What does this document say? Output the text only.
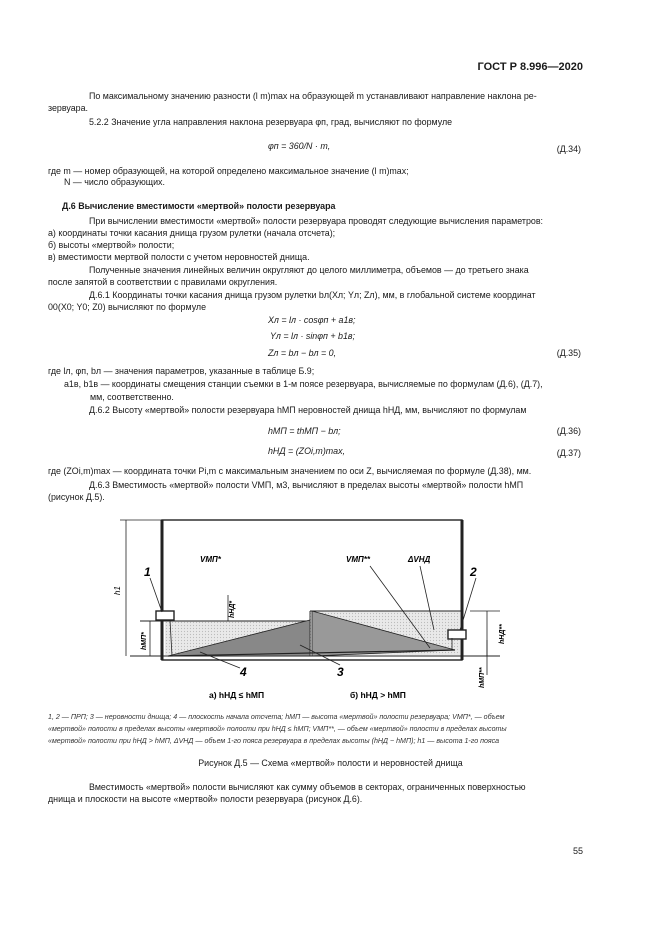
ГОСТ Р 8.996—2020

По максимальному значению разности (l m)max на образующей m устанавливают направление наклона ре-

зервуара.

5.2.2 Значение угла направления наклона резервуара φп, град, вычисляют по формуле

φп = 360/N · m,	(Д.34)

где m — номер образующей, на которой определено максимальное значение (l m)max;

N — число образующих.

Д.6 Вычисление вместимости «мертвой» полости резервуара

При вычислении вместимости «мертвой» полости резервуара проводят следующие вычисления параметров:

а) координаты точки касания днища грузом рулетки (начала отсчета);

б) высоты «мертвой» полости;

в) вместимости мертвой полости с учетом неровностей днища.

Полученные значения линейных величин округляют до целого миллиметра, объемов — до третьего знака

после запятой в соответствии с правилами округления.

Д.6.1 Координаты точки касания днища грузом рулетки bл(Xл; Yл; Zл), мм, в глобальной системе координат

00(X0; Y0; Z0) вычисляют по формуле

Xл = lл · cosφп + a1в;
Yл = lл · sinφп + b1в;
Zл = bл − bл = 0,	(Д.35)

где lл, φп, bл — значения параметров, указанные в таблице Б.9;

a1в, b1в — координаты смещения станции съемки в 1-м поясе резервуара, вычисляемые по формулам (Д.6), (Д.7),

мм, соответственно.

Д.6.2 Высоту «мертвой» полости резервуара hМП неровностей днища hНД, мм, вычисляют по формулам

hМП = thМП − bл;	(Д.36)
hНД = (ZОi,m)max,	(Д.37)

где (ZОi,m)max — координата точки Pi,m с максимальным значением по оси Z, вычисляемая по формуле (Д.38), мм.

Д.6.3 Вместимость «мертвой» полости VМП, м3, вычисляют в пределах высоты «мертвой» полости hМП

(рисунок Д.5).

1	2
3
4
VМП*	VМП**	ΔVНД
h1
hМП*
hНД*
hНД**
hМП**
а) hНД ≤ hМП	б) hНД > hМП
1, 2 — ПРП; 3 — неровности днища; 4 — плоскость начала отсчета; hМП — высота «мертвой» полости резервуара; VМП*, — объем
«мертвой» полости в пределах высоты «мертвой» полости при hНД ≤ hМП; VМП**, — объем «мертвой» полости в пределах высоты
«мертвой» полости при hНД > hМП, ΔVНД — объем 1-го пояса резервуара в пределах высоты (hНД − hМП); h1 — высота 1-го пояса
Рисунок Д.5 — Схема «мертвой» полости и неровностей днища

Вместимость «мертвой» полости вычисляют как сумму объемов в секторах, ограниченных поверхностью

днища и плоскости на высоте «мертвой» полости резервуара (рисунок Д.6).

55
